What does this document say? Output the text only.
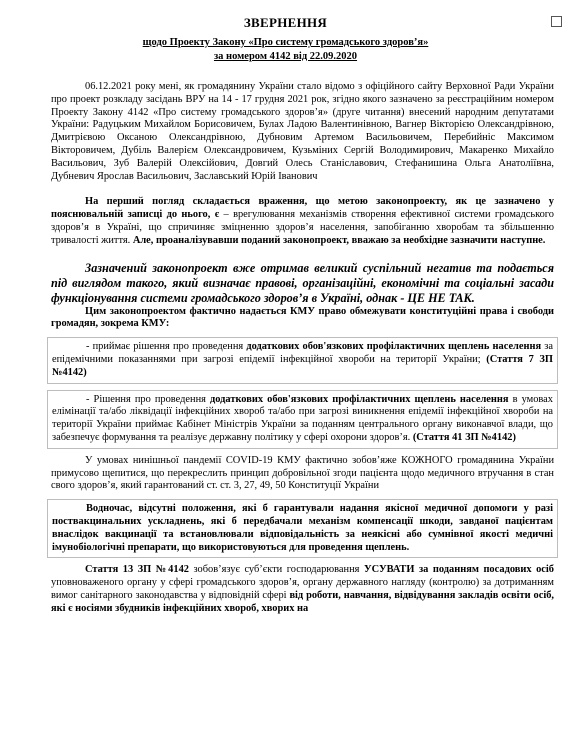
ЗВЕРНЕННЯ
щодо Проекту Закону «Про систему громадського здоров’я»
за номером 4142 від 22.09.2020

06.12.2021 року мені, як громадянину України стало відомо з офіційного сайту Верховної Ради України про проект розкладу засідань ВРУ на 14 - 17 грудня 2021 рок, згідно якого зазначено за реєстраційним номером Проекту Закону 4142 «Про систему громадського здоров’я» (друге читання) внесений народним депутатами України: Радуцьким Михайлом Борисовичем, Булах Ладою Валентинівною, Вагнер Вікторією Олександрівною, Дмитрієвою Оксаною Олександрівною, Дубновим Артемом Васильовичем, Перебийніс Максимом Вікторовичем, Дубіль Валерієм Олександровичем, Кузьміних Сергій Володимирович, Макаренко Михайло Васильович, Зуб Валерій Олексійович, Довгий Олесь Станіславович, Стефанишина Ольга Анатоліївна, Дубневич Ярослав Васильович, Заславський Юрій Іванович

На перший погляд складається враження, що метою законопроекту, як це зазначено у пояснювальній записці до нього, є – врегулювання механізмів створення ефективної системи громадського здоров’я в Україні, що спричиняє зміцненню здоров’я населення, запобіганню хворобам та збільшенню тривалості життя. Але, проаналізувавши поданий законопроект, вважаю за необхідне зазначити наступне.

Зазначений законопроект вже отримав великий суспільний негатив та подається під виглядом такого, який визначає правові, організаційні, економічні та соціальні засади функціонування системи громадського здоров’я в Україні, однак - ЦЕ НЕ ТАК.

Цим законопроектом фактично надається КМУ право обмежувати конституційні права і свободи громадян, зокрема КМУ:

- приймає рішення про проведення додаткових обов'язкових профілактичних щеплень населення за епідемічними показаннями при загрозі епідемії інфекційної хвороби на території України; (Стаття 7 ЗП №4142)

- Рішення про проведення додаткових обов'язкових профілактичних щеплень населення в умовах елімінації та/або ліквідації інфекційних хвороб та/або при загрозі виникнення епідемії інфекційної хвороби на території України приймає Кабінет Міністрів України за поданням центрального органу виконавчої влади, що забезпечує формування та реалізує державну політику у сфері охорони здоров’я. (Стаття 41 ЗП №4142)

У умовах нинішньої пандемії COVID-19 КМУ фактично зобов’яже КОЖНОГО громадянина України примусово щепитися, що перекреслить принцип добровільної згоди пацієнта щодо медичного втручання в стан свого здоров’я, який гарантований ст. ст. 3, 27, 49, 50 Конституції України

Водночас, відсутні положення, які б гарантували надання якісної медичної допомоги у разі поствакцинальних ускладнень, які б передбачали механізм компенсації шкоди, завданої пацієнтам внаслідок вакцинації та встановлювали відповідальність за неякісні або сумнівної якості медичні імунобіологічні препарати, що використовуються для проведення щеплень.

Стаття 13 ЗП №4142 зобов’язує суб’єкти господарювання УСУВАТИ за поданням посадових осіб уповноваженого органу у сфері громадського здоров’я, органу державного нагляду (контролю) за дотриманням вимог санітарного законодавства у відповідній сфері від роботи, навчання, відвідування закладів освіти осіб, які є носіями збудників інфекційних хвороб, хворих на
